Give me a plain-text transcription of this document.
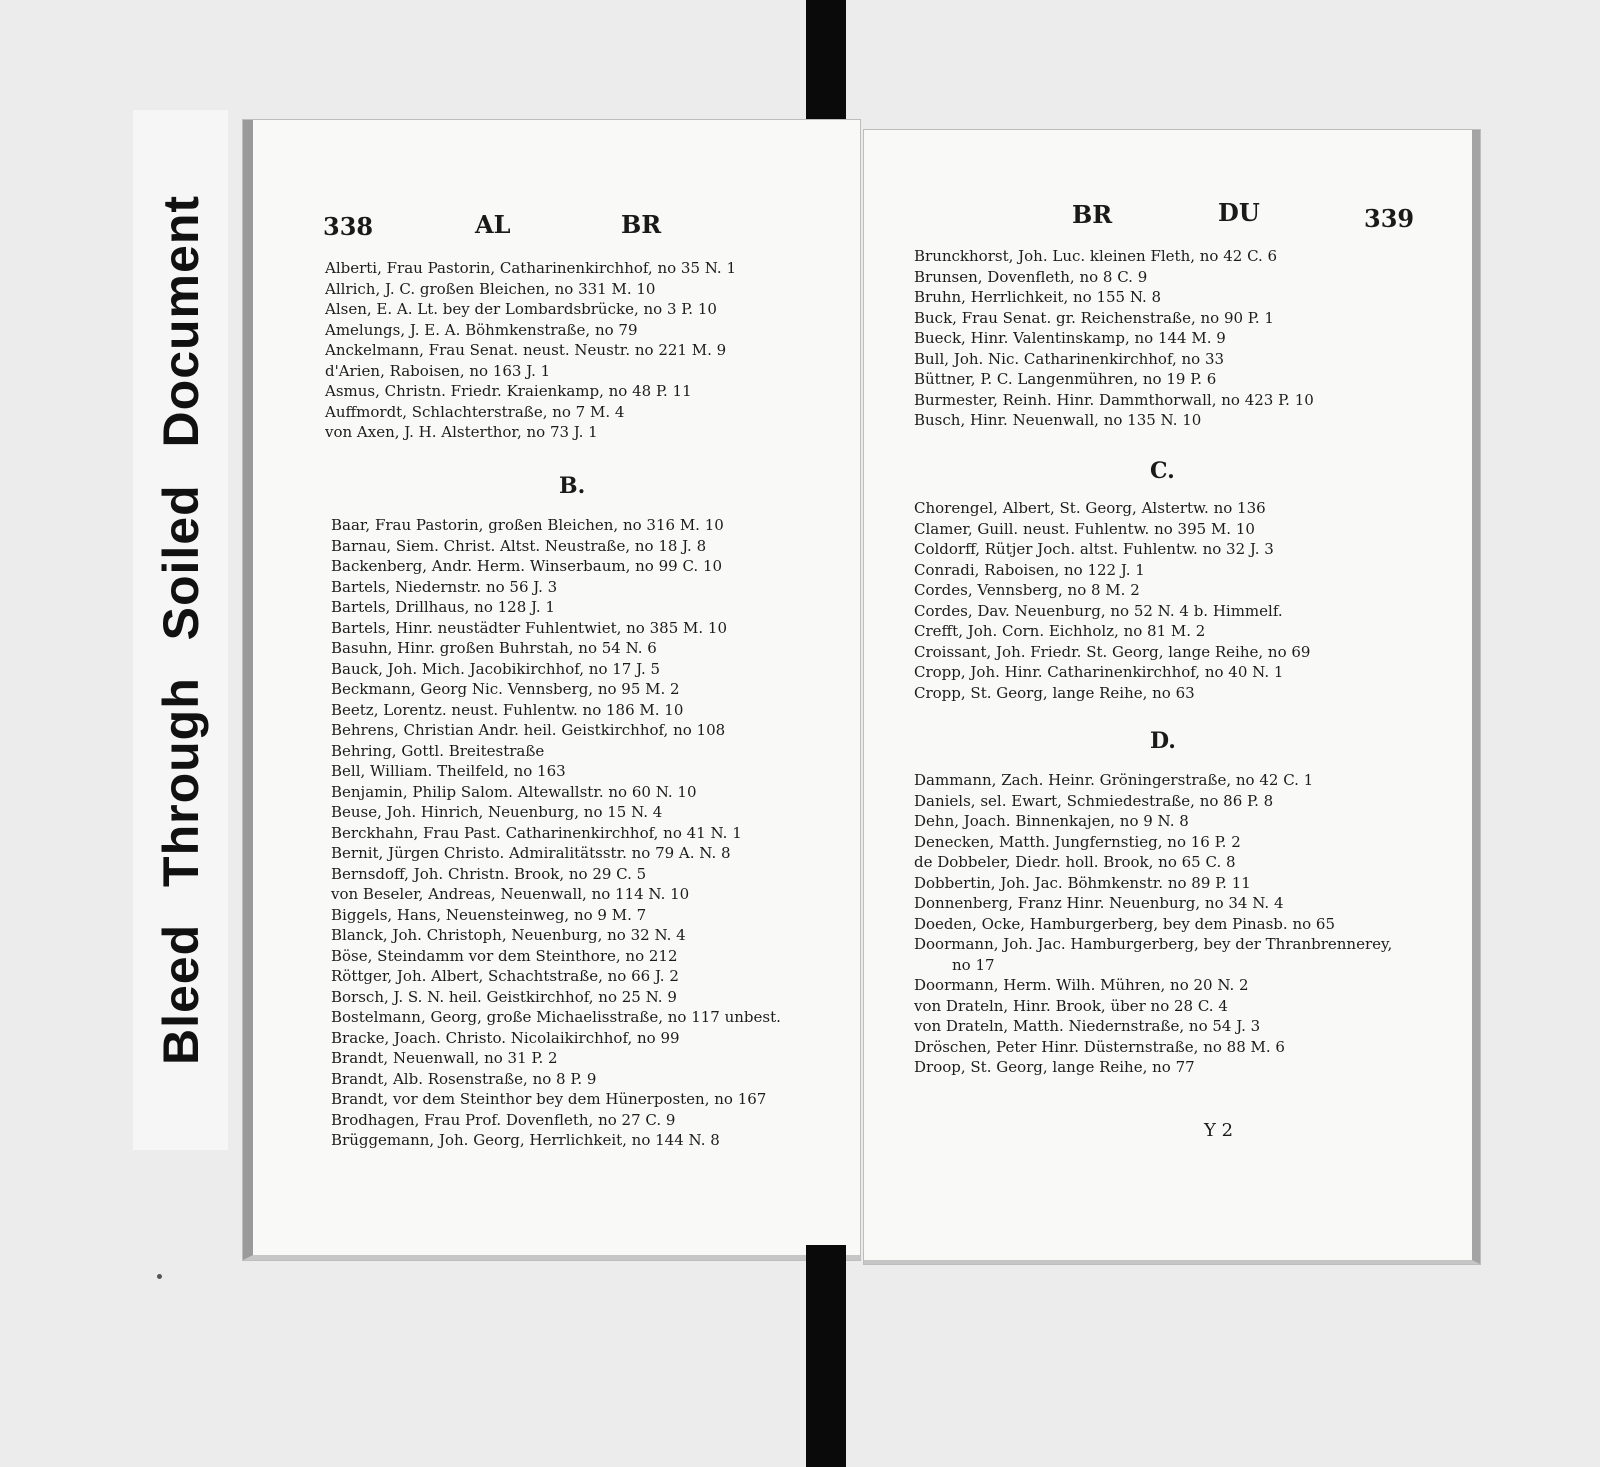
Bleed Through Soiled Document	338	AL	BR
Alberti, Frau Pastorin, Catharinenkirchhof, no 35 N. 1
Allrich, J. C. großen Bleichen, no 331 M. 10
Alsen, E. A. Lt. bey der Lombardsbrücke, no 3 P. 10
Amelungs, J. E. A. Böhmkenstraße, no 79
Anckelmann, Frau Senat. neust. Neustr. no 221 M. 9
d'Arien, Raboisen, no 163 J. 1
Asmus, Christn. Friedr. Kraienkamp, no 48 P. 11
Auffmordt, Schlachterstraße, no 7 M. 4
von Axen, J. H. Alsterthor, no 73 J. 1
B.
Baar, Frau Pastorin, großen Bleichen, no 316 M. 10
Barnau, Siem. Christ. Altst. Neustraße, no 18 J. 8
Backenberg, Andr. Herm. Winserbaum, no 99 C. 10
Bartels, Niedernstr. no 56 J. 3
Bartels, Drillhaus, no 128 J. 1
Bartels, Hinr. neustädter Fuhlentwiet, no 385 M. 10
Basuhn, Hinr. großen Buhrstah, no 54 N. 6
Bauck, Joh. Mich. Jacobikirchhof, no 17 J. 5
Beckmann, Georg Nic. Vennsberg, no 95 M. 2
Beetz, Lorentz. neust. Fuhlentw. no 186 M. 10
Behrens, Christian Andr. heil. Geistkirchhof, no 108
Behring, Gottl. Breitestraße
Bell, William. Theilfeld, no 163
Benjamin, Philip Salom. Altewallstr. no 60 N. 10
Beuse, Joh. Hinrich, Neuenburg, no 15 N. 4
Berckhahn, Frau Past. Catharinenkirchhof, no 41 N. 1
Bernit, Jürgen Christo. Admiralitätsstr. no 79 A. N. 8
Bernsdoff, Joh. Christn. Brook, no 29 C. 5
von Beseler, Andreas, Neuenwall, no 114 N. 10
Biggels, Hans, Neuensteinweg, no 9 M. 7
Blanck, Joh. Christoph, Neuenburg, no 32 N. 4
Böse, Steindamm vor dem Steinthore, no 212
Röttger, Joh. Albert, Schachtstraße, no 66 J. 2
Borsch, J. S. N. heil. Geistkirchhof, no 25 N. 9
Bostelmann, Georg, große Michaelisstraße, no 117 unbest.
Bracke, Joach. Christo. Nicolaikirchhof, no 99
Brandt, Neuenwall, no 31 P. 2
Brandt, Alb. Rosenstraße, no 8 P. 9
Brandt, vor dem Steinthor bey dem Hünerposten, no 167
Brodhagen, Frau Prof. Dovenfleth, no 27 C. 9
Brüggemann, Joh. Georg, Herrlichkeit, no 144 N. 8
BR	DU	339
Brunckhorst, Joh. Luc. kleinen Fleth, no 42 C. 6
Brunsen, Dovenfleth, no 8 C. 9
Bruhn, Herrlichkeit, no 155 N. 8
Buck, Frau Senat. gr. Reichenstraße, no 90 P. 1
Bueck, Hinr. Valentinskamp, no 144 M. 9
Bull, Joh. Nic. Catharinenkirchhof, no 33
Büttner, P. C. Langenmühren, no 19 P. 6
Burmester, Reinh. Hinr. Dammthorwall, no 423 P. 10
Busch, Hinr. Neuenwall, no 135 N. 10
C.
Chorengel, Albert, St. Georg, Alstertw. no 136
Clamer, Guill. neust. Fuhlentw. no 395 M. 10
Coldorff, Rütjer Joch. altst. Fuhlentw. no 32 J. 3
Conradi, Raboisen, no 122 J. 1
Cordes, Vennsberg, no 8 M. 2
Cordes, Dav. Neuenburg, no 52 N. 4 b. Himmelf.
Crefft, Joh. Corn. Eichholz, no 81 M. 2
Croissant, Joh. Friedr. St. Georg, lange Reihe, no 69
Cropp, Joh. Hinr. Catharinenkirchhof, no 40 N. 1
Cropp, St. Georg, lange Reihe, no 63
D.
Dammann, Zach. Heinr. Gröningerstraße, no 42 C. 1
Daniels, sel. Ewart, Schmiedestraße, no 86 P. 8
Dehn, Joach. Binnenkajen, no 9 N. 8
Denecken, Matth. Jungfernstieg, no 16 P. 2
de Dobbeler, Diedr. holl. Brook, no 65 C. 8
Dobbertin, Joh. Jac. Böhmkenstr. no 89 P. 11
Donnenberg, Franz Hinr. Neuenburg, no 34 N. 4
Doeden, Ocke, Hamburgerberg, bey dem Pinasb. no 65
Doormann, Joh. Jac. Hamburgerberg, bey der Thranbrennerey,
no 17
Doormann, Herm. Wilh. Mühren, no 20 N. 2
von Drateln, Hinr. Brook, über no 28 C. 4
von Drateln, Matth. Niedernstraße, no 54 J. 3
Dröschen, Peter Hinr. Düsternstraße, no 88 M. 6
Droop, St. Georg, lange Reihe, no 77
Y 2
